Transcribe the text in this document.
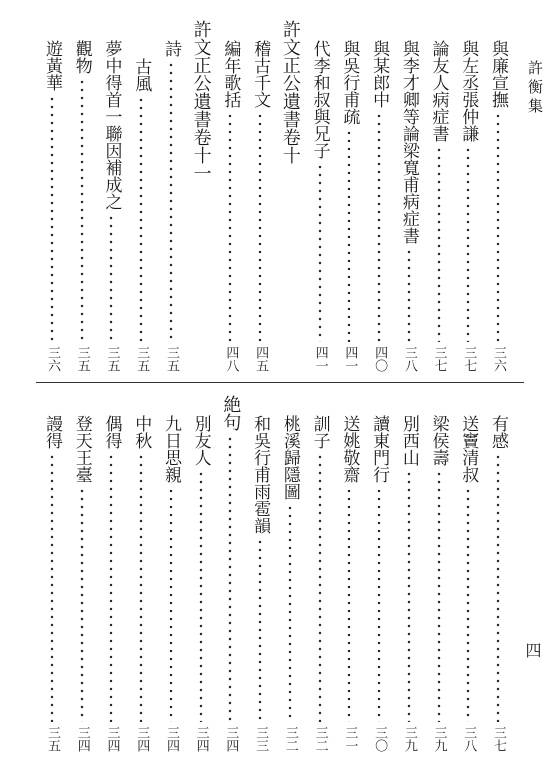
許衡集
四
與廉宣撫
三六
與左丞張仲謙
三七
論友人病症書
三七
與李才卿等論梁寬甫病症書
三八
與某郎中
四〇
與吳行甫疏
四一
代李和叔與兄子
四一
許文正公遺書卷十
稽古千文
四五
編年歌括
四八
許文正公遺書卷十一
詩
三五
古風
三五
夢中得首一聯因補成之
三五
觀物
三五
遊黃華
三六
有感
三七
送竇清叔
三八
梁侯壽
三九
別西山
三九
讀東門行
三〇
送姚敬齋
三一
訓子
三二
桃溪歸隱圖
三二
和吳行甫雨雹韻
三三
絶句
三四
別友人
三四
九日思親
三四
中秋
三四
偶得
三四
登天王臺
三四
謾得
三五
